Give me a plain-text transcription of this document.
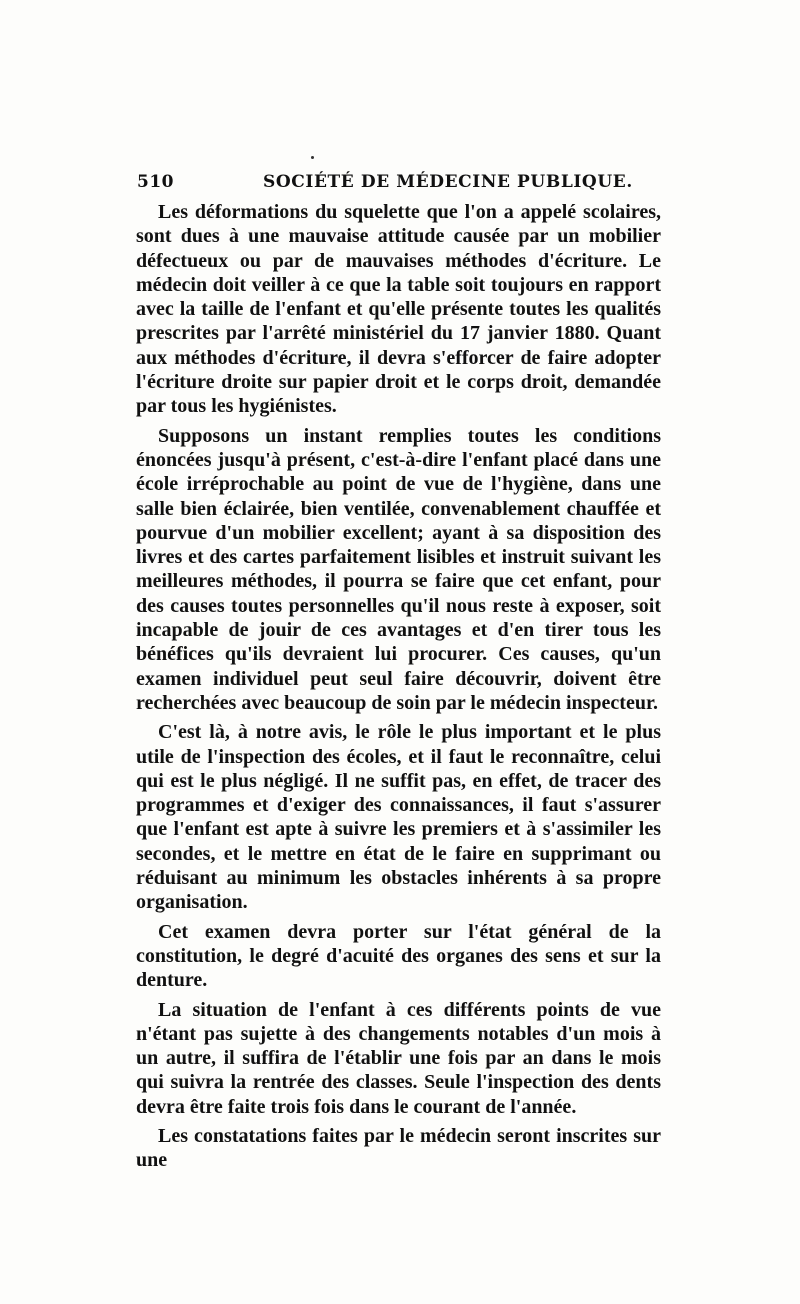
510	SOCIÉTÉ DE MÉDECINE PUBLIQUE.

Les déformations du squelette que l'on a appelé scolaires, sont dues à une mauvaise attitude causée par un mobilier défectueux ou par de mauvaises méthodes d'écriture. Le médecin doit veiller à ce que la table soit toujours en rapport avec la taille de l'enfant et qu'elle présente toutes les qualités prescrites par l'arrêté ministériel du 17 janvier 1880. Quant aux méthodes d'écriture, il devra s'efforcer de faire adopter l'écriture droite sur papier droit et le corps droit, demandée par tous les hygiénistes.

Supposons un instant remplies toutes les conditions énoncées jusqu'à présent, c'est-à-dire l'enfant placé dans une école irréprochable au point de vue de l'hygiène, dans une salle bien éclairée, bien ventilée, convenablement chauffée et pourvue d'un mobilier excellent; ayant à sa disposition des livres et des cartes parfaitement lisibles et instruit suivant les meilleures méthodes, il pourra se faire que cet enfant, pour des causes toutes personnelles qu'il nous reste à exposer, soit incapable de jouir de ces avantages et d'en tirer tous les bénéfices qu'ils devraient lui procurer. Ces causes, qu'un examen individuel peut seul faire découvrir, doivent être recherchées avec beaucoup de soin par le médecin inspecteur.

C'est là, à notre avis, le rôle le plus important et le plus utile de l'inspection des écoles, et il faut le reconnaître, celui qui est le plus négligé. Il ne suffit pas, en effet, de tracer des programmes et d'exiger des connaissances, il faut s'assurer que l'enfant est apte à suivre les premiers et à s'assimiler les secondes, et le mettre en état de le faire en supprimant ou réduisant au minimum les obstacles inhérents à sa propre organisation.

Cet examen devra porter sur l'état général de la constitution, le degré d'acuité des organes des sens et sur la denture.

La situation de l'enfant à ces différents points de vue n'étant pas sujette à des changements notables d'un mois à un autre, il suffira de l'établir une fois par an dans le mois qui suivra la rentrée des classes. Seule l'inspection des dents devra être faite trois fois dans le courant de l'année.

Les constatations faites par le médecin seront inscrites sur une
